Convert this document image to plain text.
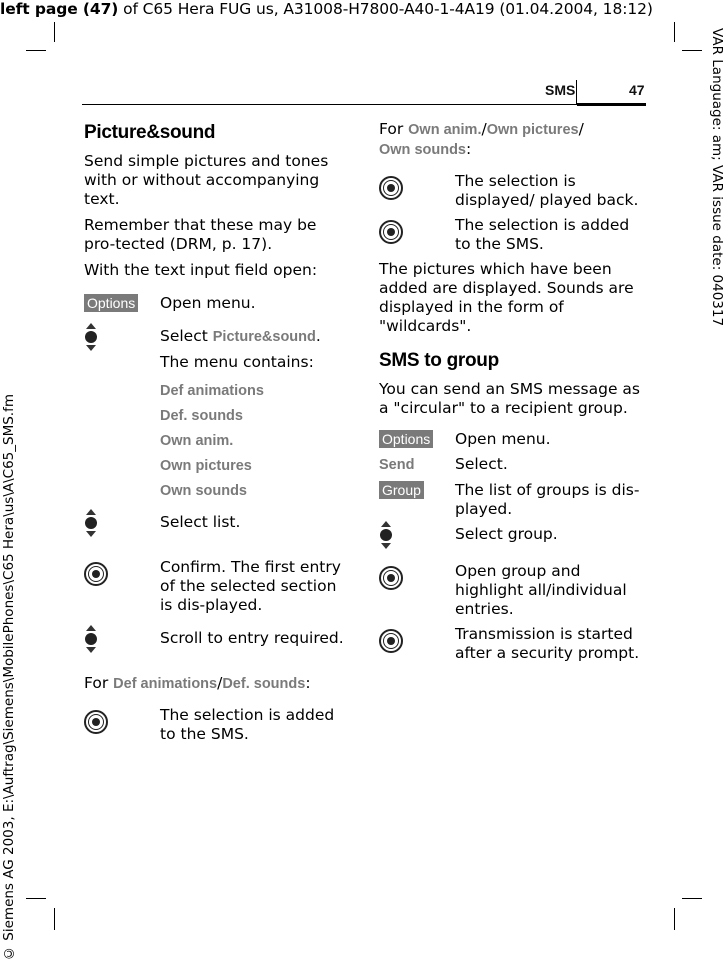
left page (47) of C65 Hera FUG us, A31008-H7800-A40-1-4A19 (01.04.2004, 18:12)
VAR Language: am; VAR issue date: 040317
© Siemens AG 2003, E:\Auftrag\Siemens\MobilePhones\C65 Hera\us\A\C65_SMS.fm
SMS	47
Picture&sound

Send simple pictures and tones with or without accompanying text.

Remember that these may be pro-tected (DRM, p. 17).

With the text input field open:

Options	Open menu.
Select Picture&sound.
The menu contains:
Def animations
Def. sounds
Own anim.
Own pictures
Own sounds
Select list.
Confirm. The first entry of the selected section is dis-played.
Scroll to entry required.

For Def animations/Def. sounds:

The selection is added to the SMS.

For Own anim./Own pictures/
Own sounds:

The selection is displayed/ played back.
The selection is added to the SMS.

The pictures which have been added are displayed. Sounds are displayed in the form of "wildcards".

SMS to group

You can send an SMS message as a "circular" to a recipient group.

Options	Open menu.
Send	Select.
Group	The list of groups is dis-played.
Select group.
Open group and highlight all/individual entries.
Transmission is started after a security prompt.
